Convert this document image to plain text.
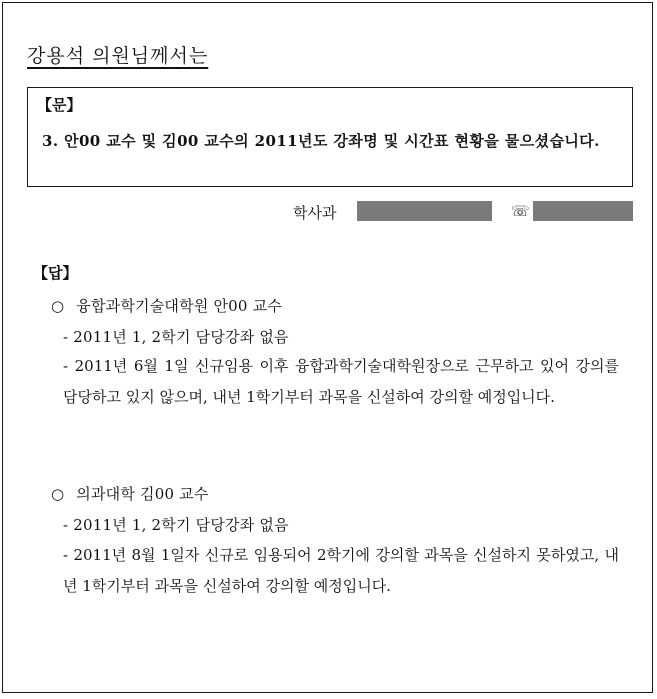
강용석 의원님께서는
【문】
3. 안00 교수 및 김00 교수의 2011년도 강좌명 및 시간표 현황을 물으셨습니다.
학사과	☏
【답】
○ 융합과학기술대학원 안00 교수
- 2011년 1, 2학기 담당강좌 없음
- 2011년 6월 1일 신규임용 이후 융합과학기술대학원장으로 근무하고 있어 강의를 담당하고 있지 않으며, 내년 1학기부터 과목을 신설하여 강의할 예정입니다.
○ 의과대학 김00 교수
- 2011년 1, 2학기 담당강좌 없음
- 2011년 8월 1일자 신규로 임용되어 2학기에 강의할 과목을 신설하지 못하였고, 내년 1학기부터 과목을 신설하여 강의할 예정입니다.
